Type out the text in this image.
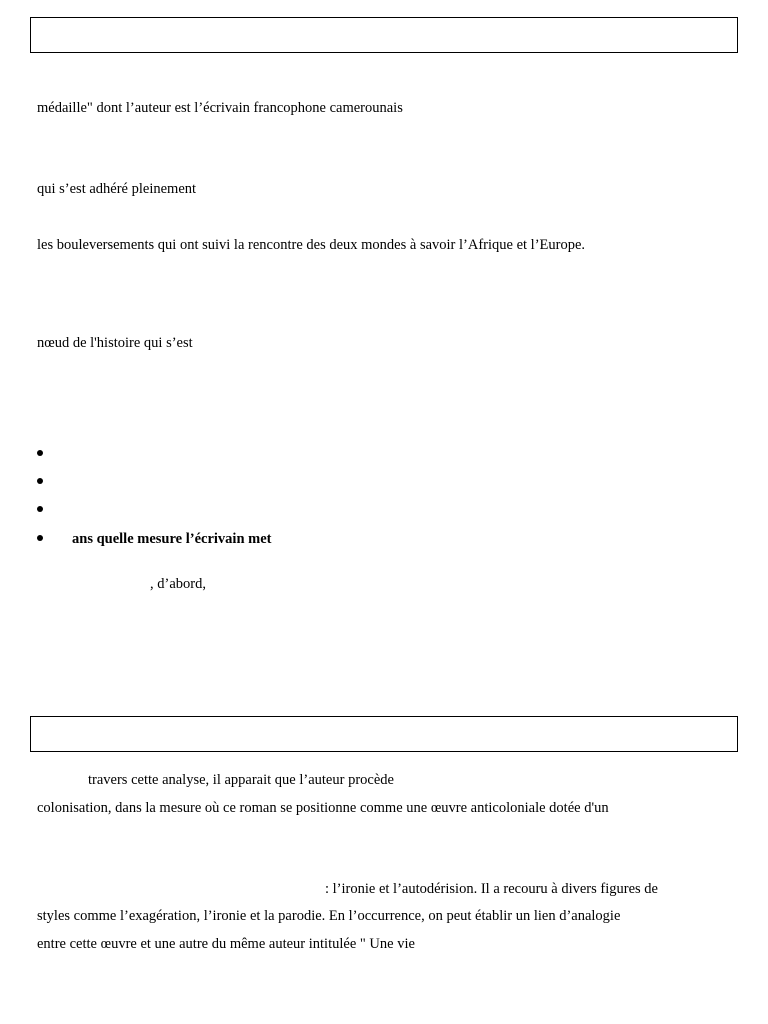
médaille" dont l’auteur est l’écrivain francophone camerounais
qui s’est adhéré pleinement
les bouleversements qui ont suivi la rencontre des deux mondes à savoir l’Afrique et l’Europe.
nœud de l'histoire qui s’est
ans quelle mesure l’écrivain met
, d’abord,
travers cette analyse, il apparait que l’auteur procède
colonisation, dans la mesure où ce roman se positionne comme une œuvre anticoloniale dotée d'un
: l’ironie et l’autodérision. Il a recouru à divers figures de
styles comme l’exagération, l’ironie et la parodie. En l’occurrence, on peut établir un lien d’analogie
entre cette œuvre et une autre du même auteur intitulée " Une vie
